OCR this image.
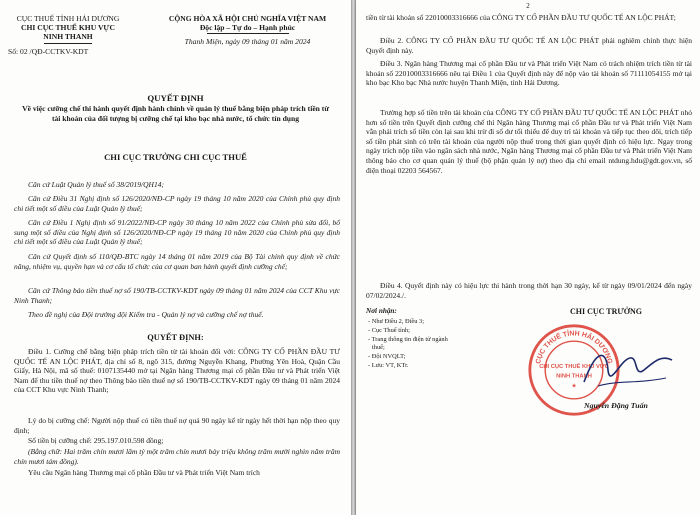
CỤC THUẾ TỈNH HẢI DƯƠNG
CHI CỤC THUẾ KHU VỰC
NINH THANH
Số: 02 /QĐ-CCTKV-KDT
CỘNG HÒA XÃ HỘI CHỦ NGHĨA VIỆT NAM
Độc lập – Tự do – Hạnh phúc
Thanh Miện, ngày 09 tháng 01 năm 2024
QUYẾT ĐỊNH
Về việc cưỡng chế thi hành quyết định hành chính về quản lý thuế bằng biện pháp trích tiền từ tài khoản của đối tượng bị cưỡng chế tại kho bạc nhà nước, tổ chức tín dụng
CHI CỤC TRƯỞNG CHI CỤC THUẾ
Căn cứ Luật Quản lý thuế số 38/2019/QH14;
Căn cứ Điều 31 Nghị định số 126/2020/NĐ-CP ngày 19 tháng 10 năm 2020 của Chính phủ quy định chi tiết một số điều của Luật Quản lý thuế;
Căn cứ Điều 1 Nghị định số 91/2022/NĐ-CP ngày 30 tháng 10 năm 2022 của Chính phủ sửa đổi, bổ sung một số điều của Nghị định số 126/2020/NĐ-CP ngày 19 tháng 10 năm 2020 của Chính phủ quy định chi tiết một số điều của Luật Quản lý thuế;
Căn cứ Quyết định số 110/QĐ-BTC ngày 14 tháng 01 năm 2019 của Bộ Tài chính quy định về chức năng, nhiệm vụ, quyền hạn và cơ cấu tổ chức của cơ quan ban hành quyết định cưỡng chế;
Căn cứ Thông báo tiền thuế nợ số 190/TB-CCTKV-KDT ngày 09 tháng 01 năm 2024 của CCT Khu vực Ninh Thanh;
Theo đề nghị của Đội trưởng đội Kiểm tra - Quản lý nợ và cưỡng chế nợ thuế.
QUYẾT ĐỊNH:
Điều 1. Cưỡng chế bằng biện pháp trích tiền từ tài khoản đối với: CÔNG TY CỔ PHẦN ĐẦU TƯ QUỐC TẾ AN LỘC PHÁT, địa chỉ số 8, ngõ 315, đường Nguyễn Khang, Phường Yên Hoà, Quận Cầu Giấy, Hà Nội, mã số thuế: 0107135440 mở tại Ngân hàng Thương mại cổ phần Đầu tư và Phát triển Việt Nam để thu tiền thuế nợ theo Thông báo tiền thuế nợ số 190/TB-CCTKV-KDT ngày 09 tháng 01 năm 2024 của CCT Khu vực Ninh Thanh;
Lý do bị cưỡng chế: Người nộp thuế có tiền thuế nợ quá 90 ngày kể từ ngày hết thời hạn nộp theo quy định;
Số tiền bị cưỡng chế: 295.197.010.598 đồng;
(Bằng chữ: Hai trăm chín mươi lăm tỷ một trăm chín mươi bảy triệu không trăm mười nghìn năm trăm chín mươi tám đồng).
Yêu cầu Ngân hàng Thương mại cổ phần Đầu tư và Phát triển Việt Nam trích
2
tiền từ tài khoản số 22010003316666 của CÔNG TY CỔ PHẦN ĐẦU TƯ QUỐC TẾ AN LỘC PHÁT;
Điều 2. CÔNG TY CỔ PHẦN ĐẦU TƯ QUỐC TẾ AN LỘC PHÁT phải nghiêm chỉnh thực hiện Quyết định này.
Điều 3. Ngân hàng Thương mại cổ phần Đầu tư và Phát triển Việt Nam có trách nhiệm trích tiền từ tài khoản số 22010003316666 nêu tại Điều 1 của Quyết định này để nộp vào tài khoản số 71111054155 mở tại kho bạc Kho bạc Nhà nước huyện Thanh Miện, tỉnh Hải Dương.
Trường hợp số tiền trên tài khoản của CÔNG TY CỔ PHẦN ĐẦU TƯ QUỐC TẾ AN LỘC PHÁT nhỏ hơn số tiền trên Quyết định cưỡng chế thì Ngân hàng Thương mại cổ phần Đầu tư và Phát triển Việt Nam vẫn phải trích số tiền còn lại sau khi trừ đi số dư tối thiểu để duy trì tài khoản và tiếp tục theo dõi, trích tiếp số tiền phát sinh có trên tài khoản của người nộp thuế trong thời gian quyết định có hiệu lực. Ngay trong ngày trích nộp tiền vào ngân sách nhà nước, Ngân hàng Thương mại cổ phần Đầu tư và Phát triển Việt Nam thông báo cho cơ quan quản lý thuế (bộ phận quản lý nợ) theo địa chỉ email ntdung.hdu@gdt.gov.vn, số điện thoại 02203 564567.
Điều 4. Quyết định này có hiệu lực thi hành trong thời hạn 30 ngày, kể từ ngày 09/01/2024 đến ngày 07/02/2024./.
Nơi nhận:
- Như Điều 2, Điều 3;
- Cục Thuế tỉnh;
- Trang thông tin điện tử ngành
thuế;
- Đội NVQLT;
- Lưu: VT, KTr.
CHI CỤC TRƯỞNG
CỤC THUẾ TỈNH HẢI DƯƠNG
CHI CỤC THUẾ KHU VỰC
NINH THANH
★
Nguyễn Đặng Tuấn
